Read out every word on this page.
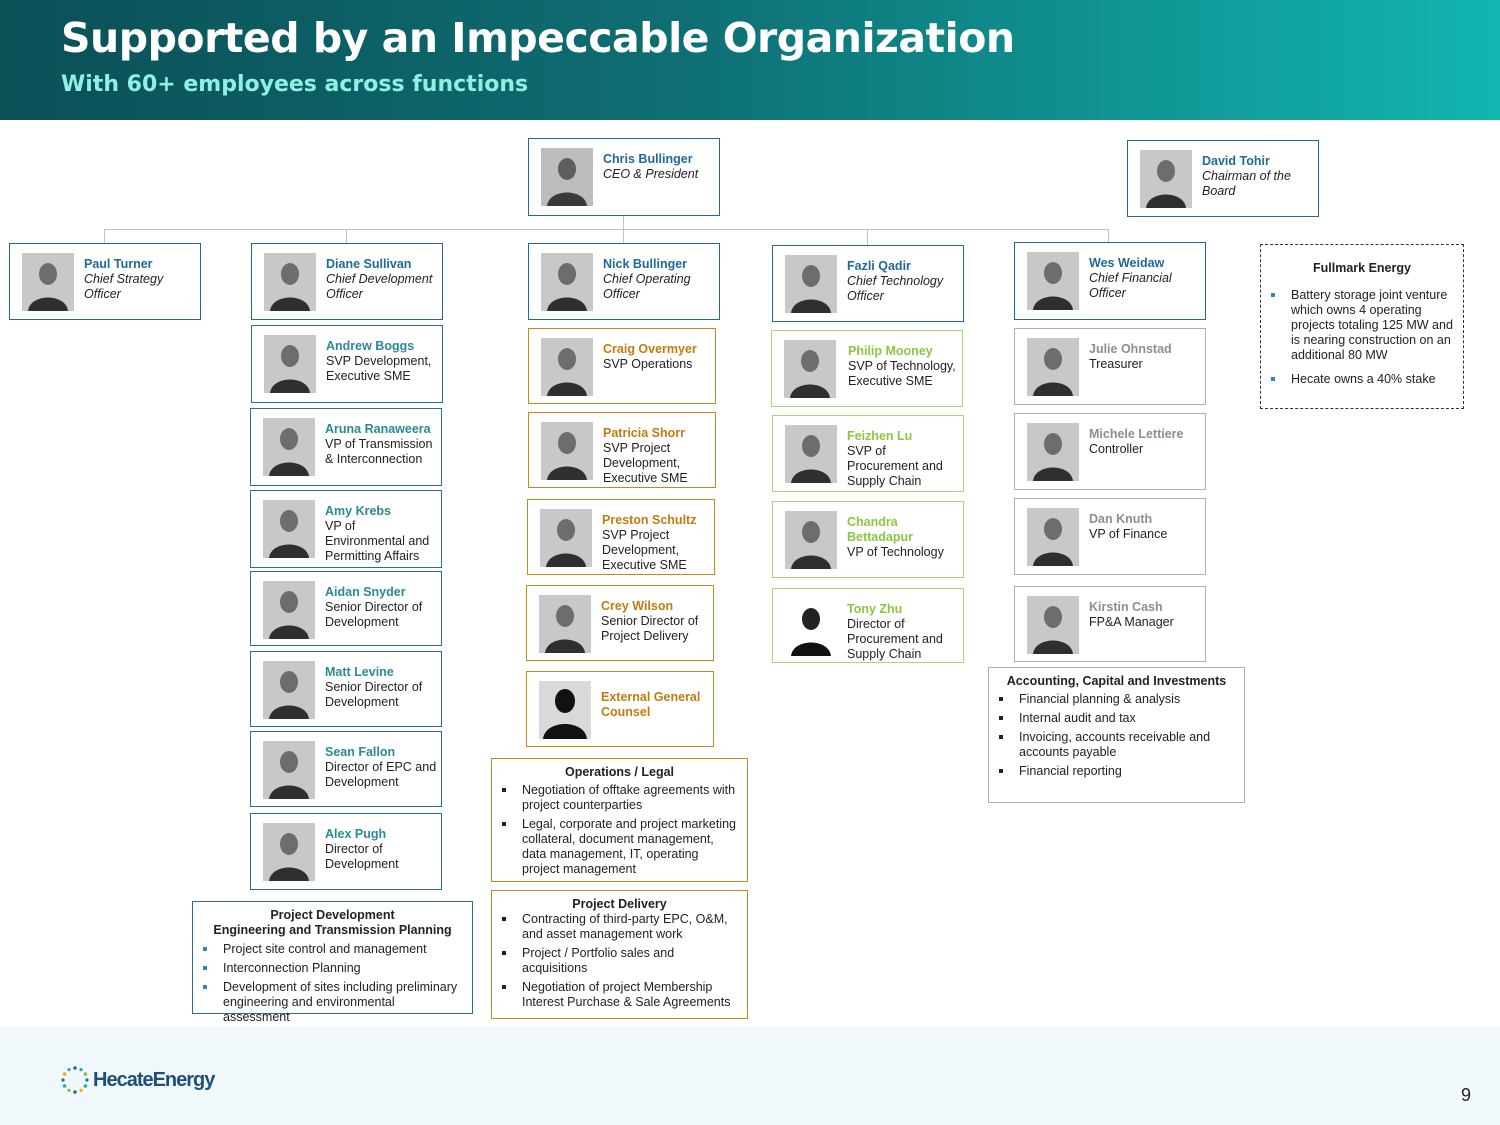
Supported by an Impeccable Organization
With 60+ employees across functions
Chris Bullinger
CEO & President
David Tohir
Chairman of the Board
Paul Turner
Chief Strategy Officer
Diane Sullivan
Chief Development Officer
Andrew Boggs
SVP Development, Executive SME
Aruna Ranaweera
VP of Transmission & Interconnection
Amy Krebs
VP of Environmental and Permitting Affairs
Aidan Snyder
Senior Director of Development
Matt Levine
Senior Director of Development
Sean Fallon
Director of EPC and Development
Alex Pugh
Director of Development
Project Development
Engineering and Transmission Planning
Project site control and management
Interconnection Planning
Development of sites including preliminary engineering and environmental assessment
Nick Bullinger
Chief Operating Officer
Craig Overmyer
SVP Operations
Patricia Shorr
SVP Project Development, Executive SME
Preston Schultz
SVP Project Development, Executive SME
Crey Wilson
Senior Director of Project Delivery
External General Counsel
Operations / Legal
Negotiation of offtake agreements with project counterparties
Legal, corporate and project marketing collateral, document management, data management, IT, operating project management
Project Delivery
Contracting of third-party EPC, O&M, and asset management work
Project / Portfolio sales and acquisitions
Negotiation of project Membership Interest Purchase & Sale Agreements
Fazli Qadir
Chief Technology Officer
Philip Mooney
SVP of Technology, Executive SME
Feizhen Lu
SVP of Procurement and Supply Chain
Chandra Bettadapur
VP of Technology
Tony Zhu
Director of Procurement and Supply Chain
Wes Weidaw
Chief Financial Officer
Julie Ohnstad
Treasurer
Michele Lettiere
Controller
Dan Knuth
VP of Finance
Kirstin Cash
FP&A Manager
Accounting, Capital and Investments
Financial planning & analysis
Internal audit and tax
Invoicing, accounts receivable and accounts payable
Financial reporting
Fullmark Energy
Battery storage joint venture which owns 4 operating projects totaling 125 MW and is nearing construction on an additional 80 MW
Hecate owns a 40% stake
HecateEnergy
9
